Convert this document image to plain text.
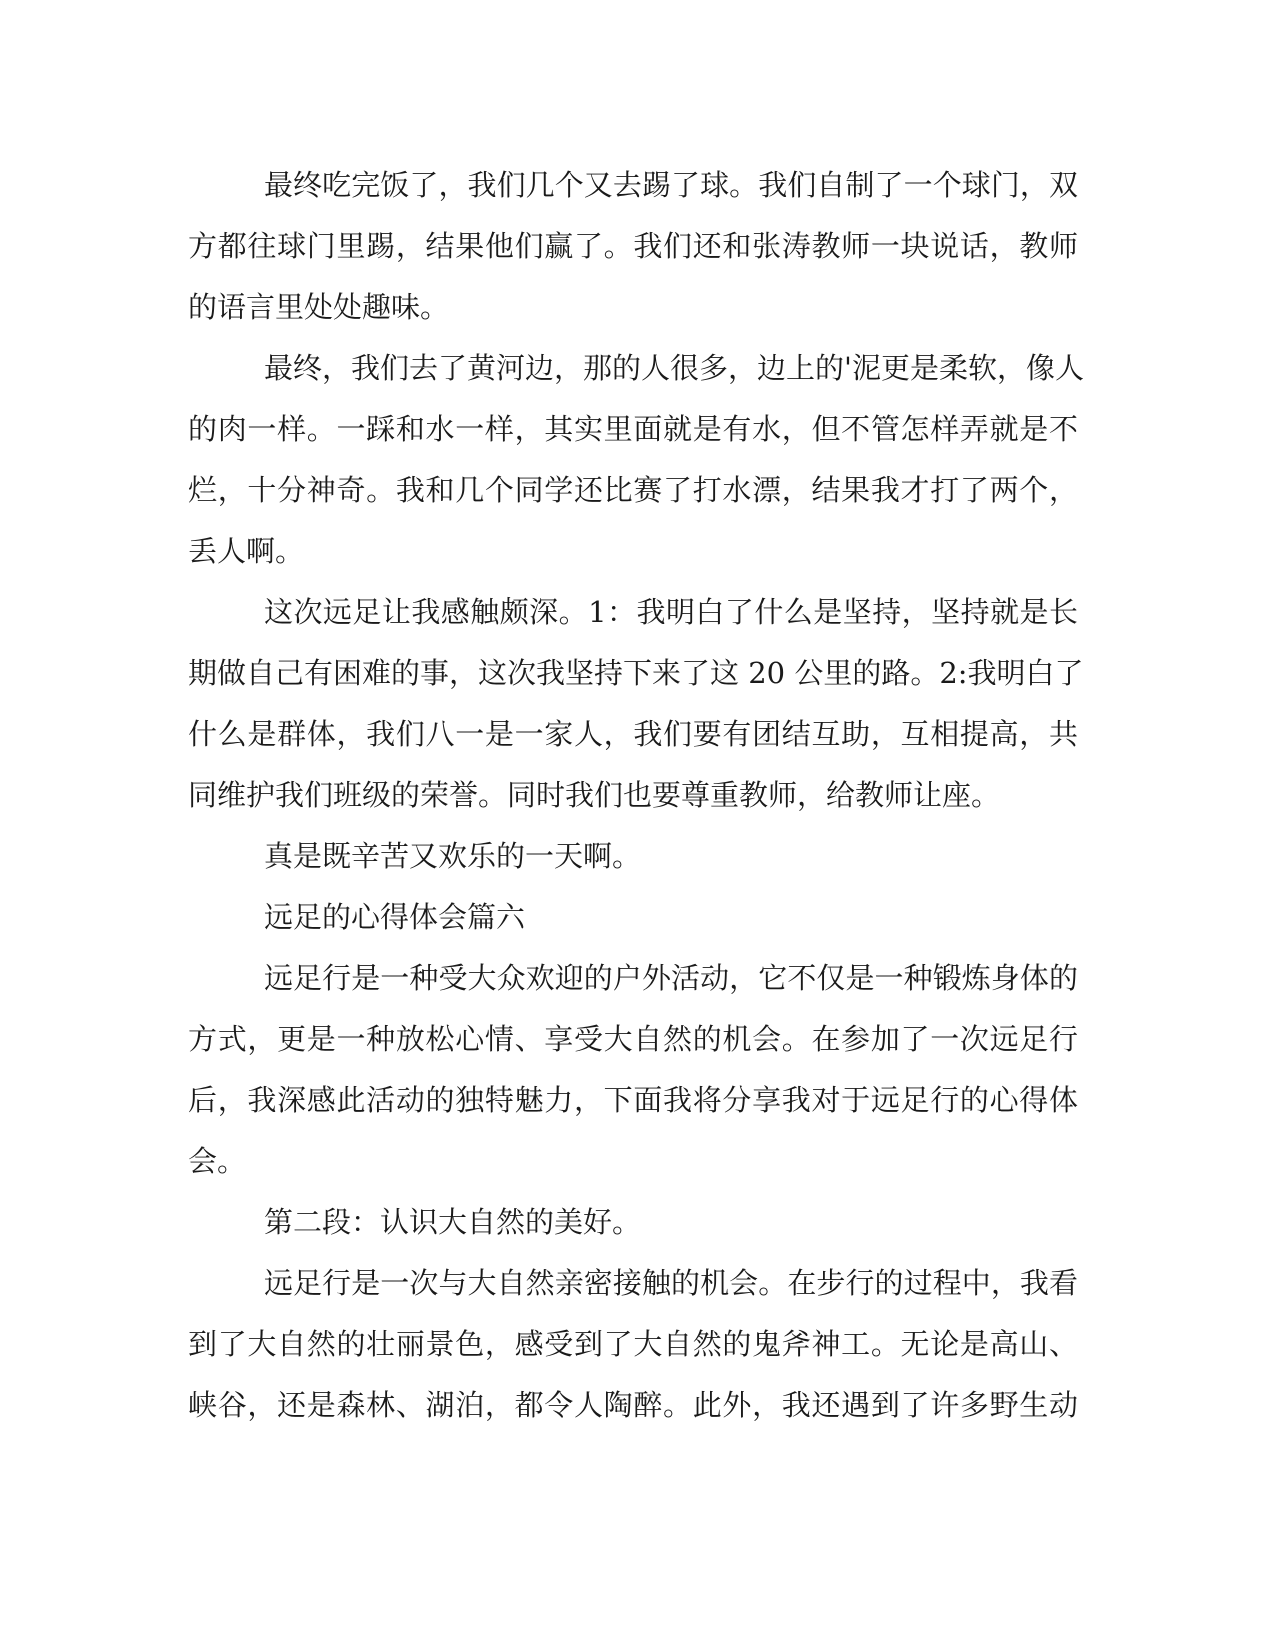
最终吃完饭了，我们几个又去踢了球。我们自制了一个球门，双
方都往球门里踢，结果他们赢了。我们还和张涛教师一块说话，教师
的语言里处处趣味。
最终，我们去了黄河边，那的人很多，边上的'泥更是柔软，像人
的肉一样。一踩和水一样，其实里面就是有水，但不管怎样弄就是不
烂，十分神奇。我和几个同学还比赛了打水漂，结果我才打了两个，
丢人啊。
这次远足让我感触颇深。1：我明白了什么是坚持，坚持就是长
期做自己有困难的事，这次我坚持下来了这 20 公里的路。2:我明白了
什么是群体，我们八一是一家人，我们要有团结互助，互相提高，共
同维护我们班级的荣誉。同时我们也要尊重教师，给教师让座。
真是既辛苦又欢乐的一天啊。
远足的心得体会篇六
远足行是一种受大众欢迎的户外活动，它不仅是一种锻炼身体的
方式，更是一种放松心情、享受大自然的机会。在参加了一次远足行
后，我深感此活动的独特魅力，下面我将分享我对于远足行的心得体
会。
第二段：认识大自然的美好。
远足行是一次与大自然亲密接触的机会。在步行的过程中，我看
到了大自然的壮丽景色，感受到了大自然的鬼斧神工。无论是高山、
峡谷，还是森林、湖泊，都令人陶醉。此外，我还遇到了许多野生动
